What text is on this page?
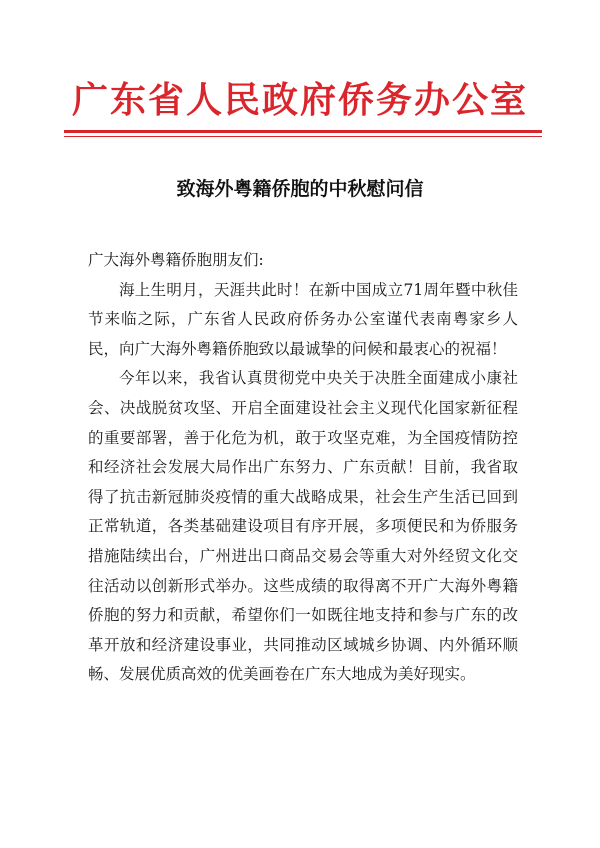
广东省人民政府侨务办公室
致海外粤籍侨胞的中秋慰问信

广大海外粤籍侨胞朋友们:

海上生明月，天涯共此时！在新中国成立71周年暨中秋佳节来临之际，广东省人民政府侨务办公室谨代表南粤家乡人民，向广大海外粤籍侨胞致以最诚挚的问候和最衷心的祝福！

今年以来，我省认真贯彻党中央关于决胜全面建成小康社会、决战脱贫攻坚、开启全面建设社会主义现代化国家新征程的重要部署，善于化危为机，敢于攻坚克难，为全国疫情防控和经济社会发展大局作出广东努力、广东贡献！目前，我省取得了抗击新冠肺炎疫情的重大战略成果，社会生产生活已回到正常轨道，各类基础建设项目有序开展，多项便民和为侨服务措施陆续出台，广州进出口商品交易会等重大对外经贸文化交往活动以创新形式举办。这些成绩的取得离不开广大海外粤籍侨胞的努力和贡献，希望你们一如既往地支持和参与广东的改革开放和经济建设事业，共同推动区域城乡协调、内外循环顺畅、发展优质高效的优美画卷在广东大地成为美好现实。
